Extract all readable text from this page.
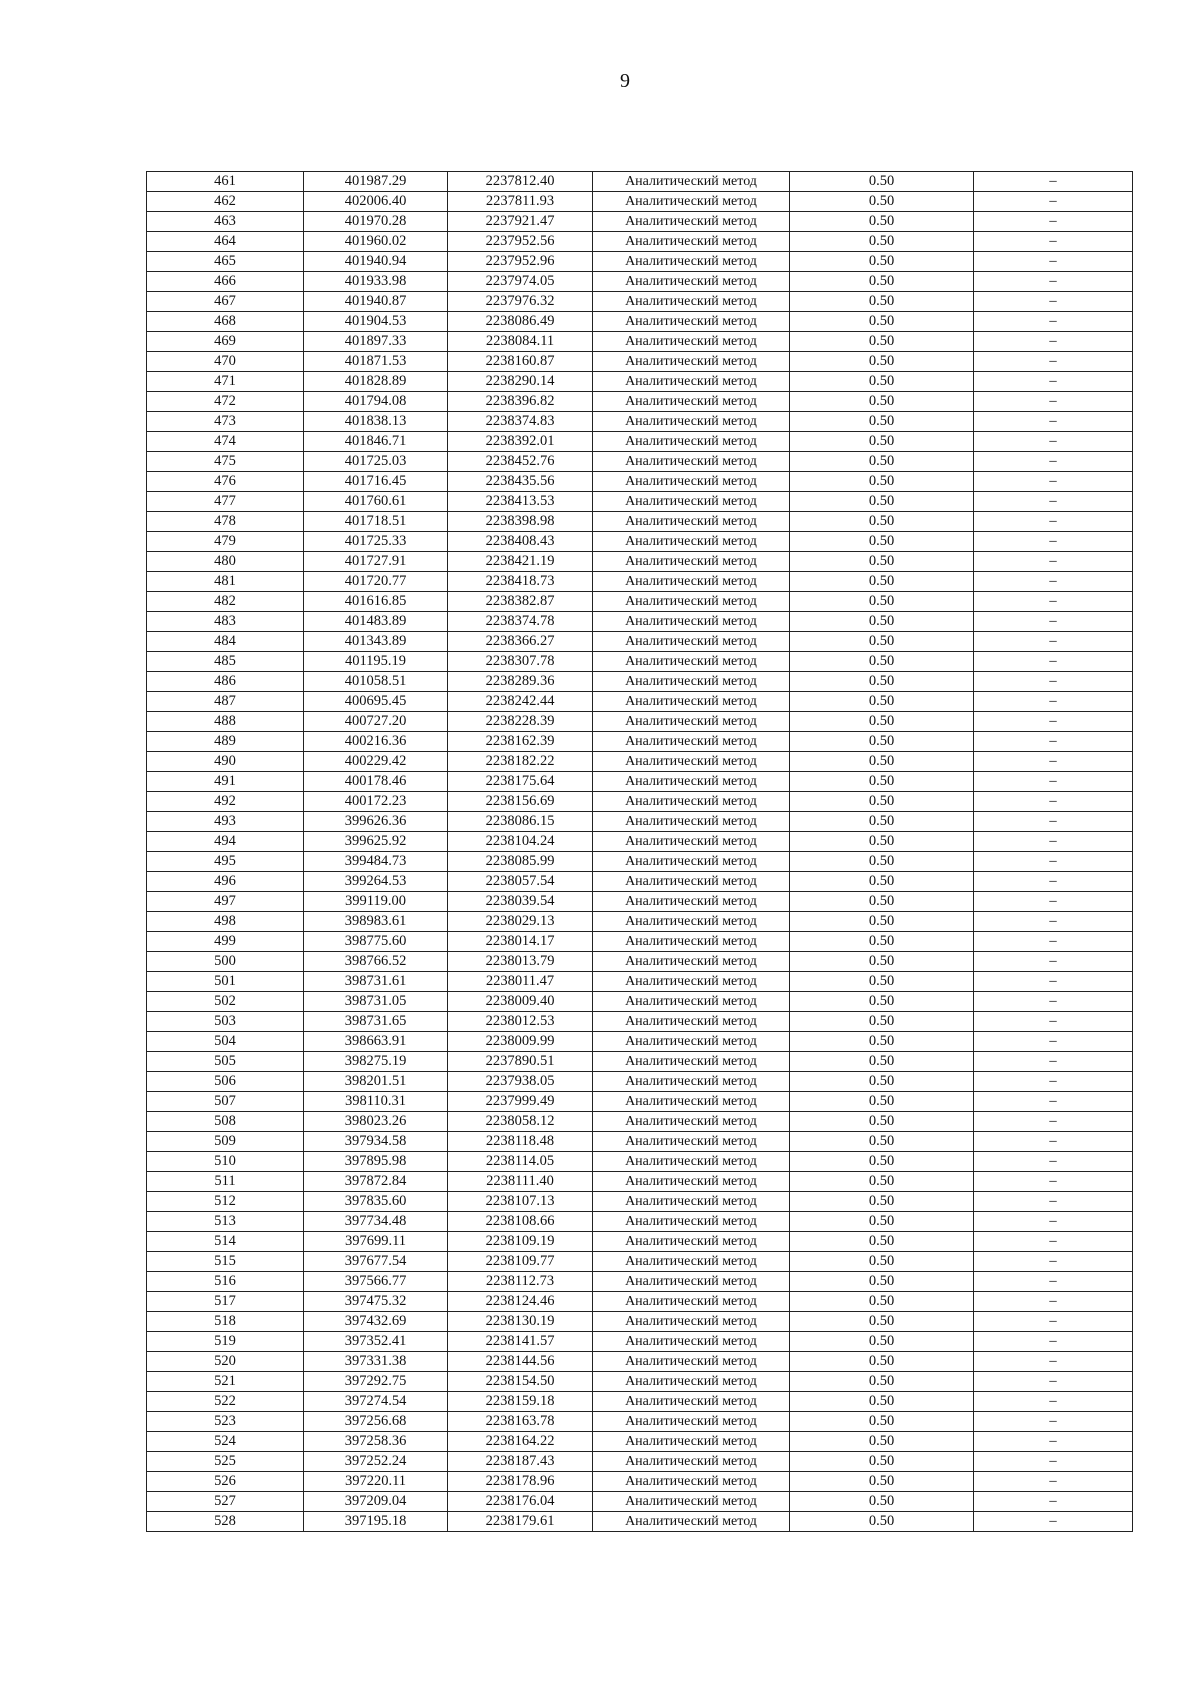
9
461	401987.29	2237812.40	Аналитический метод	0.50	–
462	402006.40	2237811.93	Аналитический метод	0.50	–
463	401970.28	2237921.47	Аналитический метод	0.50	–
464	401960.02	2237952.56	Аналитический метод	0.50	–
465	401940.94	2237952.96	Аналитический метод	0.50	–
466	401933.98	2237974.05	Аналитический метод	0.50	–
467	401940.87	2237976.32	Аналитический метод	0.50	–
468	401904.53	2238086.49	Аналитический метод	0.50	–
469	401897.33	2238084.11	Аналитический метод	0.50	–
470	401871.53	2238160.87	Аналитический метод	0.50	–
471	401828.89	2238290.14	Аналитический метод	0.50	–
472	401794.08	2238396.82	Аналитический метод	0.50	–
473	401838.13	2238374.83	Аналитический метод	0.50	–
474	401846.71	2238392.01	Аналитический метод	0.50	–
475	401725.03	2238452.76	Аналитический метод	0.50	–
476	401716.45	2238435.56	Аналитический метод	0.50	–
477	401760.61	2238413.53	Аналитический метод	0.50	–
478	401718.51	2238398.98	Аналитический метод	0.50	–
479	401725.33	2238408.43	Аналитический метод	0.50	–
480	401727.91	2238421.19	Аналитический метод	0.50	–
481	401720.77	2238418.73	Аналитический метод	0.50	–
482	401616.85	2238382.87	Аналитический метод	0.50	–
483	401483.89	2238374.78	Аналитический метод	0.50	–
484	401343.89	2238366.27	Аналитический метод	0.50	–
485	401195.19	2238307.78	Аналитический метод	0.50	–
486	401058.51	2238289.36	Аналитический метод	0.50	–
487	400695.45	2238242.44	Аналитический метод	0.50	–
488	400727.20	2238228.39	Аналитический метод	0.50	–
489	400216.36	2238162.39	Аналитический метод	0.50	–
490	400229.42	2238182.22	Аналитический метод	0.50	–
491	400178.46	2238175.64	Аналитический метод	0.50	–
492	400172.23	2238156.69	Аналитический метод	0.50	–
493	399626.36	2238086.15	Аналитический метод	0.50	–
494	399625.92	2238104.24	Аналитический метод	0.50	–
495	399484.73	2238085.99	Аналитический метод	0.50	–
496	399264.53	2238057.54	Аналитический метод	0.50	–
497	399119.00	2238039.54	Аналитический метод	0.50	–
498	398983.61	2238029.13	Аналитический метод	0.50	–
499	398775.60	2238014.17	Аналитический метод	0.50	–
500	398766.52	2238013.79	Аналитический метод	0.50	–
501	398731.61	2238011.47	Аналитический метод	0.50	–
502	398731.05	2238009.40	Аналитический метод	0.50	–
503	398731.65	2238012.53	Аналитический метод	0.50	–
504	398663.91	2238009.99	Аналитический метод	0.50	–
505	398275.19	2237890.51	Аналитический метод	0.50	–
506	398201.51	2237938.05	Аналитический метод	0.50	–
507	398110.31	2237999.49	Аналитический метод	0.50	–
508	398023.26	2238058.12	Аналитический метод	0.50	–
509	397934.58	2238118.48	Аналитический метод	0.50	–
510	397895.98	2238114.05	Аналитический метод	0.50	–
511	397872.84	2238111.40	Аналитический метод	0.50	–
512	397835.60	2238107.13	Аналитический метод	0.50	–
513	397734.48	2238108.66	Аналитический метод	0.50	–
514	397699.11	2238109.19	Аналитический метод	0.50	–
515	397677.54	2238109.77	Аналитический метод	0.50	–
516	397566.77	2238112.73	Аналитический метод	0.50	–
517	397475.32	2238124.46	Аналитический метод	0.50	–
518	397432.69	2238130.19	Аналитический метод	0.50	–
519	397352.41	2238141.57	Аналитический метод	0.50	–
520	397331.38	2238144.56	Аналитический метод	0.50	–
521	397292.75	2238154.50	Аналитический метод	0.50	–
522	397274.54	2238159.18	Аналитический метод	0.50	–
523	397256.68	2238163.78	Аналитический метод	0.50	–
524	397258.36	2238164.22	Аналитический метод	0.50	–
525	397252.24	2238187.43	Аналитический метод	0.50	–
526	397220.11	2238178.96	Аналитический метод	0.50	–
527	397209.04	2238176.04	Аналитический метод	0.50	–
528	397195.18	2238179.61	Аналитический метод	0.50	–
